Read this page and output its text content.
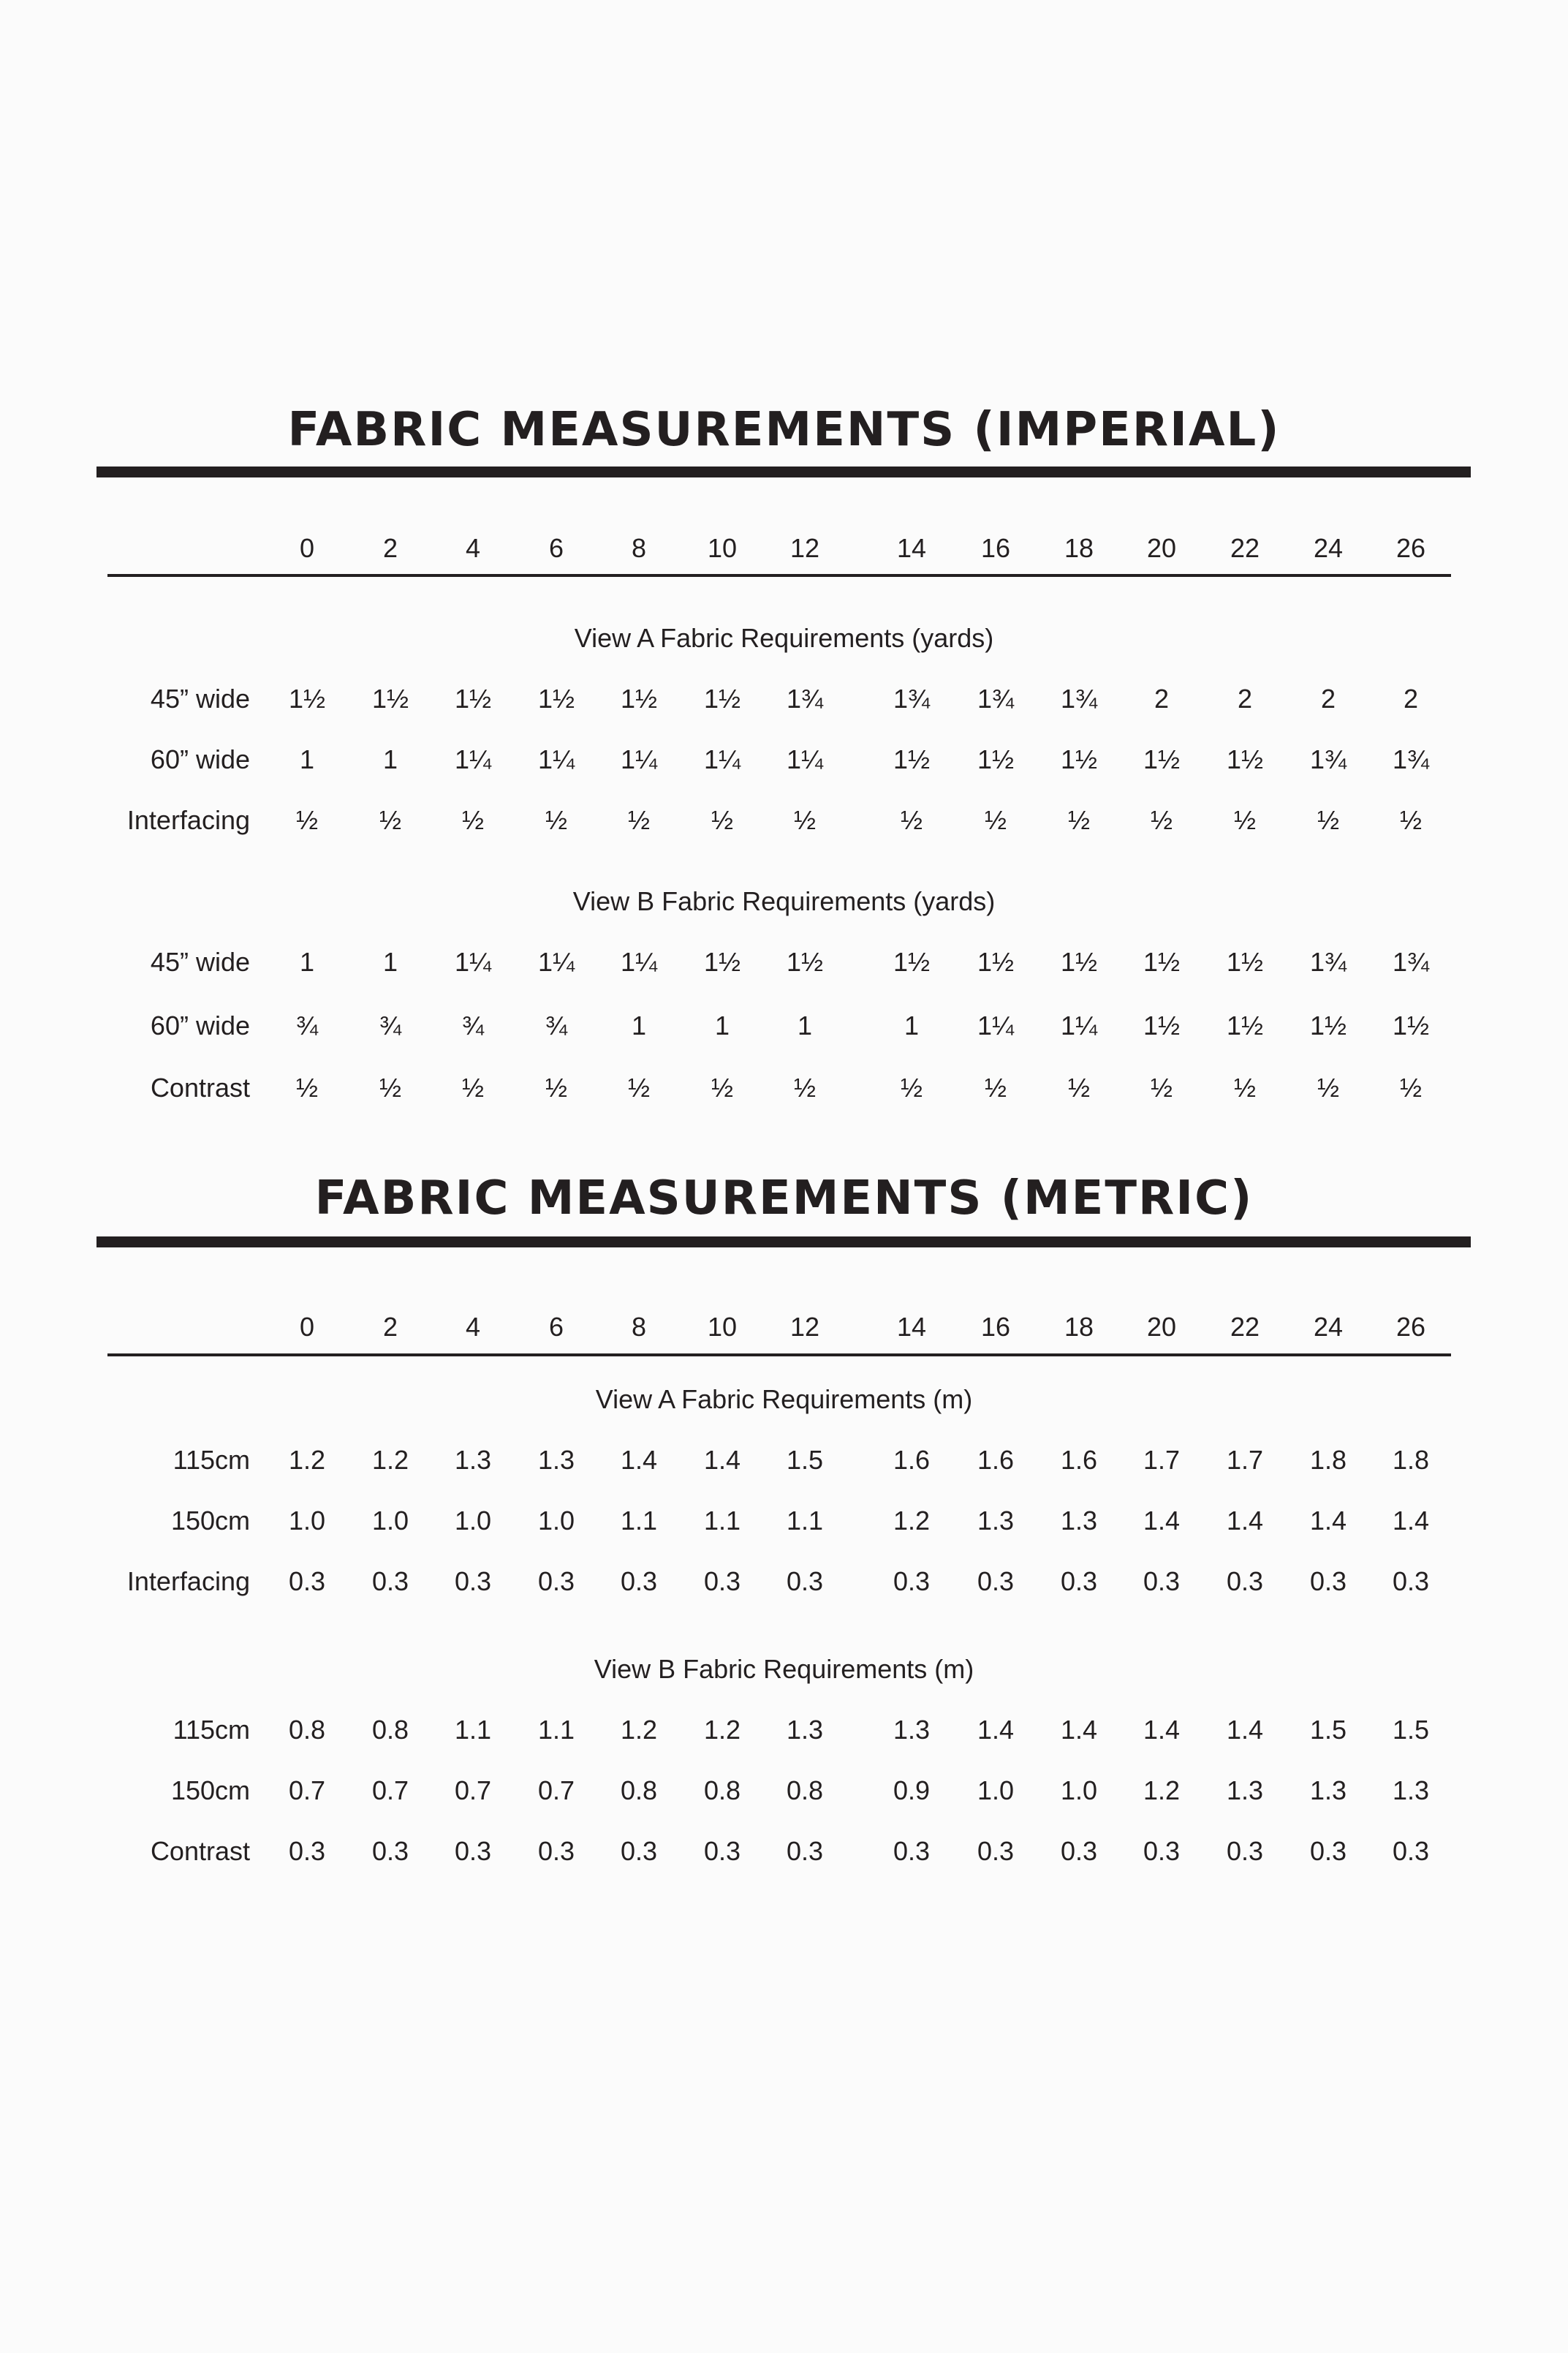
FABRIC MEASUREMENTS (IMPERIAL)
0	2	4	6	8	10	12	14	16	18	20	22	24	26
View A Fabric Requirements (yards)
45” wide	1½	1½	1½	1½	1½	1½	1¾	1¾	1¾	1¾	2	2	2	2
60” wide	1	1	1¼	1¼	1¼	1¼	1¼	1½	1½	1½	1½	1½	1¾	1¾
Interfacing	½	½	½	½	½	½	½	½	½	½	½	½	½	½
View B Fabric Requirements (yards)
45” wide	1	1	1¼	1¼	1¼	1½	1½	1½	1½	1½	1½	1½	1¾	1¾
60” wide	¾	¾	¾	¾	1	1	1	1	1¼	1¼	1½	1½	1½	1½
Contrast	½	½	½	½	½	½	½	½	½	½	½	½	½	½
FABRIC MEASUREMENTS (METRIC)
0	2	4	6	8	10	12	14	16	18	20	22	24	26
View A Fabric Requirements (m)
115cm	1.2	1.2	1.3	1.3	1.4	1.4	1.5	1.6	1.6	1.6	1.7	1.7	1.8	1.8
150cm	1.0	1.0	1.0	1.0	1.1	1.1	1.1	1.2	1.3	1.3	1.4	1.4	1.4	1.4
Interfacing	0.3	0.3	0.3	0.3	0.3	0.3	0.3	0.3	0.3	0.3	0.3	0.3	0.3	0.3
View B Fabric Requirements (m)
115cm	0.8	0.8	1.1	1.1	1.2	1.2	1.3	1.3	1.4	1.4	1.4	1.4	1.5	1.5
150cm	0.7	0.7	0.7	0.7	0.8	0.8	0.8	0.9	1.0	1.0	1.2	1.3	1.3	1.3
Contrast	0.3	0.3	0.3	0.3	0.3	0.3	0.3	0.3	0.3	0.3	0.3	0.3	0.3	0.3
